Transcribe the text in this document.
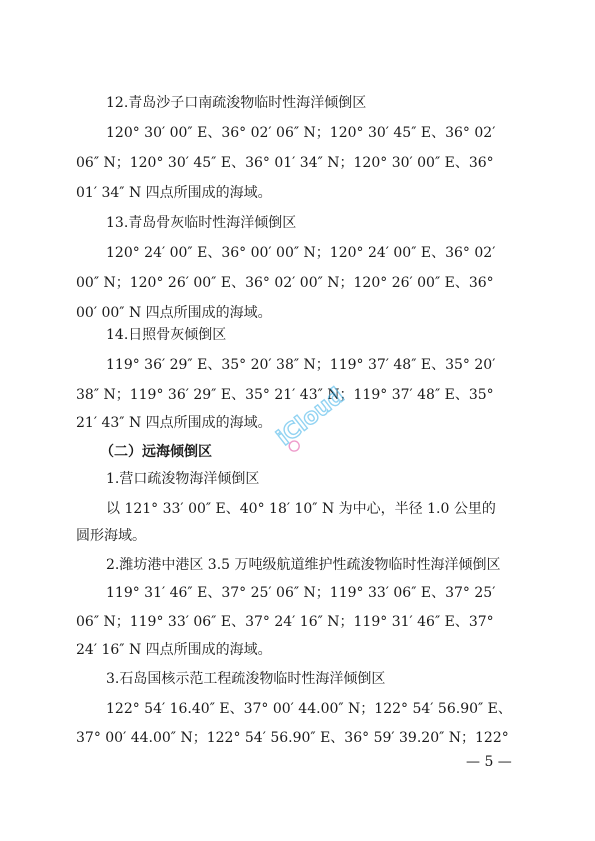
12.青岛沙子口南疏浚物临时性海洋倾倒区
120° 30′ 00″ E、36° 02′ 06″ N；120° 30′ 45″ E、36° 02′
06″ N；120° 30′ 45″ E、36° 01′ 34″ N；120° 30′ 00″ E、36°
01′ 34″ N 四点所围成的海域。
13.青岛骨灰临时性海洋倾倒区
120° 24′ 00″ E、36° 00′ 00″ N；120° 24′ 00″ E、36° 02′
00″ N；120° 26′ 00″ E、36° 02′ 00″ N；120° 26′ 00″ E、36°
00′ 00″ N 四点所围成的海域。
14.日照骨灰倾倒区
119° 36′ 29″ E、35° 20′ 38″ N；119° 37′ 48″ E、35° 20′
38″ N；119° 36′ 29″ E、35° 21′ 43″ N；119° 37′ 48″ E、35°
21′ 43″ N 四点所围成的海域。
（二）远海倾倒区
1.营口疏浚物海洋倾倒区
以 121° 33′ 00″ E、40° 18′ 10″ N 为中心，半径 1.0 公里的
圆形海域。
2.潍坊港中港区 3.5 万吨级航道维护性疏浚物临时性海洋倾倒区
119° 31′ 46″ E、37° 25′ 06″ N；119° 33′ 06″ E、37° 25′
06″ N；119° 33′ 06″ E、37° 24′ 16″ N；119° 31′ 46″ E、37°
24′ 16″ N 四点所围成的海域。
3.石岛国核示范工程疏浚物临时性海洋倾倒区
122° 54′ 16.40″ E、37° 00′ 44.00″ N；122° 54′ 56.90″ E、
37° 00′ 44.00″ N；122° 54′ 56.90″ E、36° 59′ 39.20″ N；122°
— 5 —
iCloud
